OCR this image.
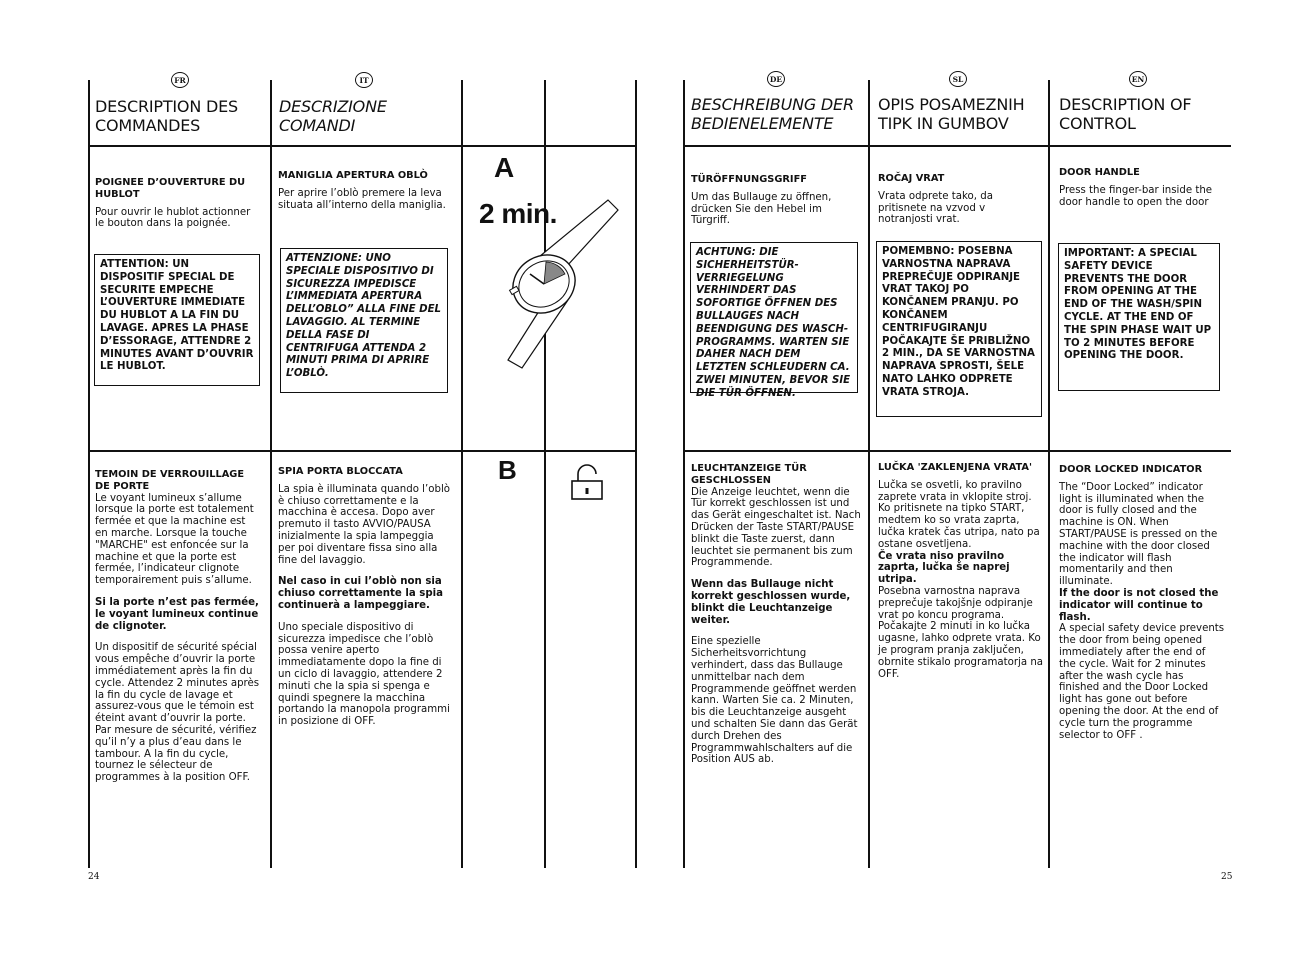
FR
DESCRIPTION DES COMMANDES

POIGNEE D’OUVERTURE DU HUBLOT

Pour ouvrir le hublot actionner le bouton dans la poignée.

ATTENTION: UN DISPOSITIF SPECIAL DE SECURITE EMPECHE L’OUVERTURE IMMEDIATE DU HUBLOT A LA FIN DU LAVAGE. APRES LA PHASE D’ESSORAGE, ATTENDRE 2 MINUTES AVANT D’OUVRIR LE HUBLOT.

TEMOIN DE VERROUILLAGE DE PORTE

Le voyant lumineux s’allume lorsque la porte est totalement fermée et que la machine est en marche. Lorsque la touche "MARCHE" est enfoncée sur la machine et que la porte est fermée, l’indicateur clignote temporairement puis s’allume.

Si la porte n’est pas fermée, le voyant lumineux continue de clignoter.

Un dispositif de sécurité spécial vous empêche d’ouvrir la porte immédiatement après la fin du cycle. Attendez 2 minutes après la fin du cycle de lavage et assurez-vous que le témoin est éteint avant d’ouvrir la porte. Par mesure de sécurité, vérifiez qu’il n’y a plus d’eau dans le tambour. A la fin du cycle, tournez le sélecteur de programmes à la position OFF.

24
IT
DESCRIZIONE COMANDI

MANIGLIA APERTURA OBLÒ

Per aprire l’oblò premere la leva situata all’interno della maniglia.

ATTENZIONE: UNO SPECIALE DISPOSITIVO DI SICUREZZA IMPEDISCE L’IMMEDIATA APERTURA DELL’OBLO” ALLA FINE DEL LAVAGGIO. AL TERMINE DELLA FASE DI CENTRIFUGA ATTENDA 2 MINUTI PRIMA DI APRIRE L’OBLÒ.

SPIA PORTA BLOCCATA

La spia è illuminata quando l’oblò è chiuso correttamente e la macchina è accesa. Dopo aver premuto il tasto AVVIO/PAUSA inizialmente la spia lampeggia per poi diventare fissa sino alla fine del lavaggio.

Nel caso in cui l’oblò non sia chiuso correttamente la spia continuerà a lampeggiare.

Uno speciale dispositivo di sicurezza impedisce che l’oblò possa venire aperto immediatamente dopo la fine di un ciclo di lavaggio, attendere 2 minuti che la spia si spenga e quindi spegnere la macchina portando la manopola programmi in posizione di OFF.

A
2 min.
B
DE
BESCHREIBUNG DER BEDIENELEMENTE

TÜRÖFFNUNGSGRIFF

Um das Bullauge zu öffnen, drücken Sie den Hebel im Türgriff.

ACHTUNG: DIE SICHERHEITSTÜR-VERRIEGELUNG VERHINDERT DAS SOFORTIGE ÖFFNEN DES BULLAUGES NACH BEENDIGUNG DES WASCH-PROGRAMMS. WARTEN SIE DAHER NACH DEM LETZTEN SCHLEUDERN CA. ZWEI MINUTEN, BEVOR SIE DIE TÜR ÖFFNEN.

LEUCHTANZEIGE TÜR GESCHLOSSEN

Die Anzeige leuchtet, wenn die Tür korrekt geschlossen ist und das Gerät eingeschaltet ist. Nach Drücken der Taste START/PAUSE blinkt die Taste zuerst, dann leuchtet sie permanent bis zum Programmende.

Wenn das Bullauge nicht korrekt geschlossen wurde, blinkt die Leuchtanzeige weiter.

Eine spezielle Sicherheitsvorrichtung verhindert, dass das Bullauge unmittelbar nach dem Programmende geöffnet werden kann. Warten Sie ca. 2 Minuten, bis die Leuchtanzeige ausgeht und schalten Sie dann das Gerät durch Drehen des Programmwahlschalters auf die Position AUS ab.

SL
OPIS POSAMEZNIH TIPK IN GUMBOV

ROČAJ VRAT

Vrata odprete tako, da pritisnete na vzvod v notranjosti vrat.

POMEMBNO: POSEBNA VARNOSTNA NAPRAVA PREPREČUJE ODPIRANJE VRAT TAKOJ PO KONČANEM PRANJU. PO KONČANEM CENTRIFUGIRANJU POČAKAJTE ŠE PRIBLIŽNO 2 MIN., DA SE VARNOSTNA NAPRAVA SPROSTI, ŠELE NATO LAHKO ODPRETE VRATA STROJA.

LUČKA 'ZAKLENJENA VRATA'

Lučka se osvetli, ko pravilno zaprete vrata in vklopite stroj. Ko pritisnete na tipko START, medtem ko so vrata zaprta, lučka kratek čas utripa, nato pa ostane osvetljena.

Če vrata niso pravilno zaprta, lučka še naprej utripa.

Posebna varnostna naprava preprečuje takojšnje odpiranje vrat po koncu programa. Počakajte 2 minuti in ko lučka ugasne, lahko odprete vrata. Ko je program pranja zaključen, obrnite stikalo programatorja na OFF.

EN
DESCRIPTION OF CONTROL

DOOR HANDLE

Press the finger-bar inside the door handle to open the door

IMPORTANT: A SPECIAL SAFETY DEVICE PREVENTS THE DOOR FROM OPENING AT THE END OF THE WASH/SPIN CYCLE. AT THE END OF THE SPIN PHASE WAIT UP TO 2 MINUTES BEFORE OPENING THE DOOR.

DOOR LOCKED INDICATOR

The “Door Locked” indicator light is illuminated when the door is fully closed and the machine is ON. When START/PAUSE is pressed on the machine with the door closed the indicator will flash momentarily and then illuminate.

If the door is not closed the indicator will continue to flash.

A special safety device prevents the door from being opened immediately after the end of the cycle. Wait for 2 minutes after the wash cycle has finished and the Door Locked light has gone out before opening the door. At the end of cycle turn the programme selector to OFF .

25
